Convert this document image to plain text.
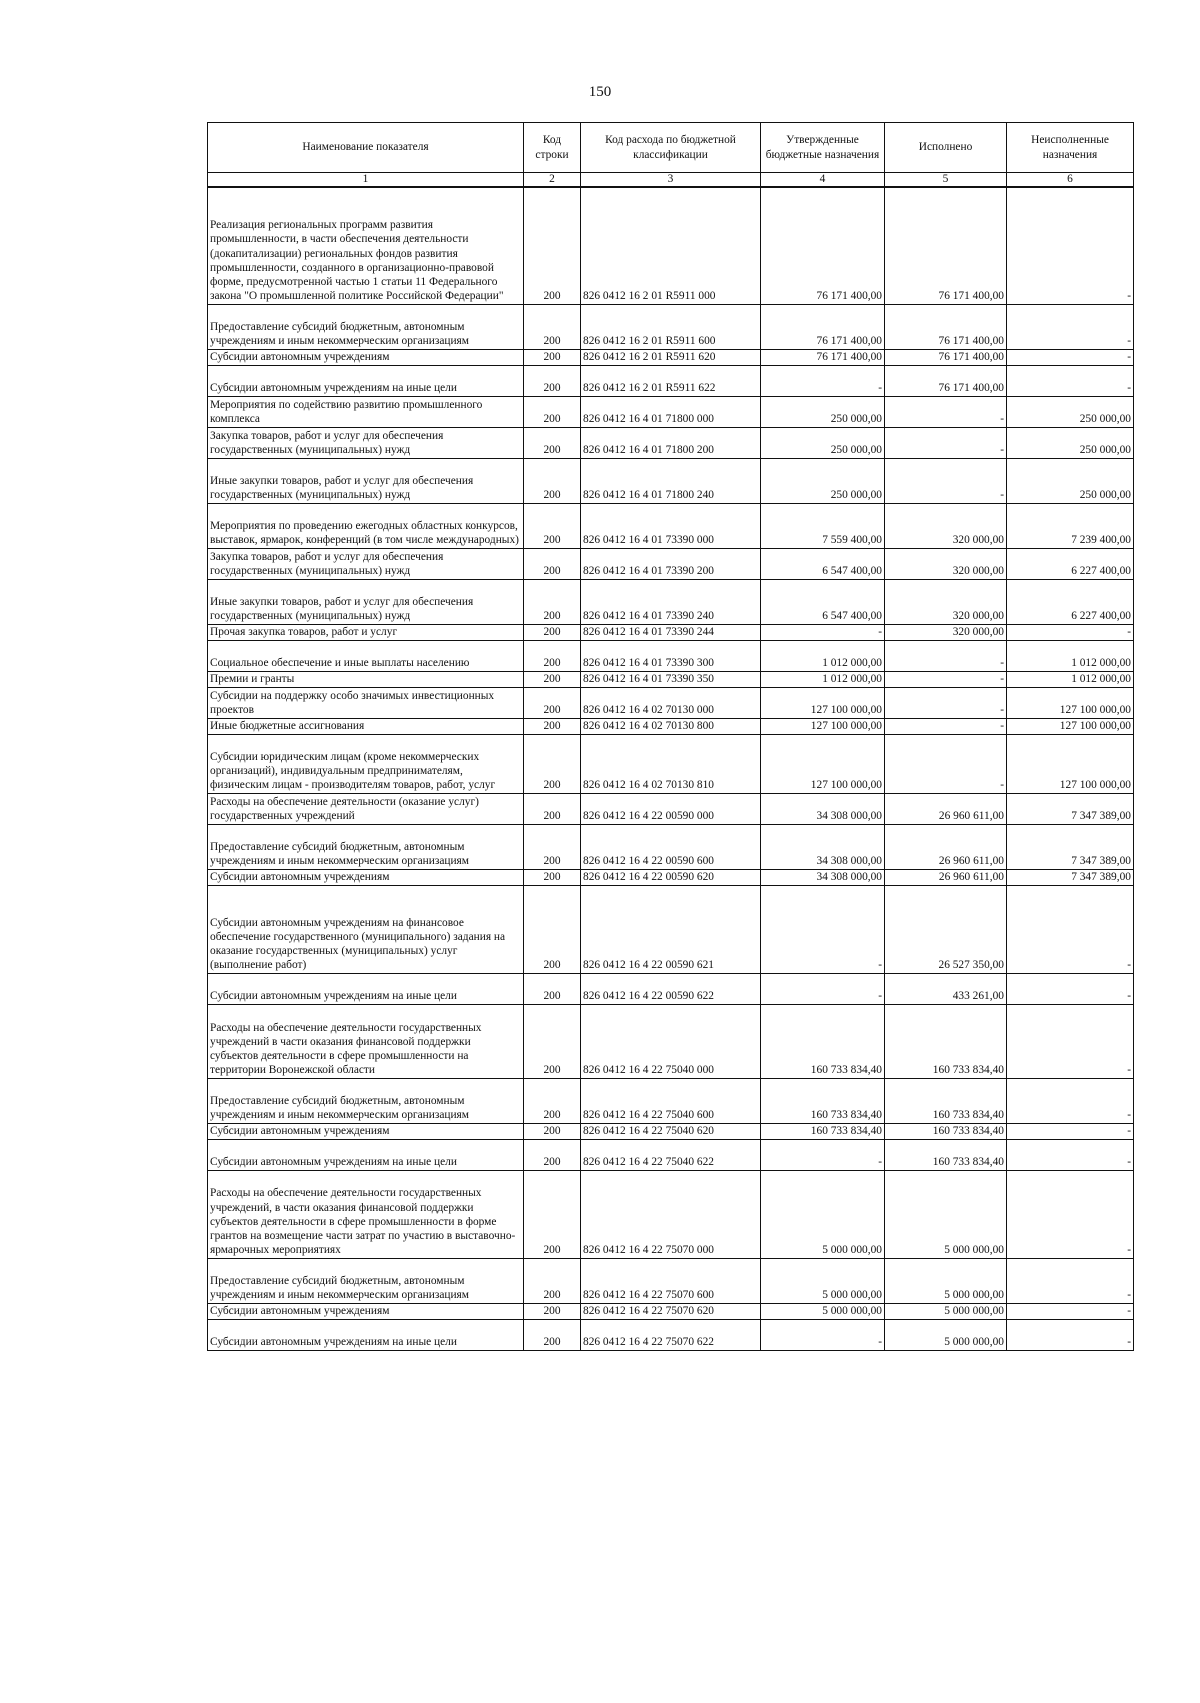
150
Наименование показателя	Код строки	Код расхода по бюджетной классификации	Утвержденные бюджетные назначения	Исполнено	Неисполненные назначения
1	2	3	4	5	6
Реализация региональных программ развития промышленности, в части обеспечения деятельности (докапитализации) региональных фондов развития промышленности, созданного в организационно-правовой форме, предусмотренной частью 1 статьи 11 Федерального закона "О промышленной политике Российской Федерации"	200	826 0412 16 2 01 R5911 000	76 171 400,00	76 171 400,00	-
Предоставление субсидий бюджетным, автономным учреждениям и иным некоммерческим организациям	200	826 0412 16 2 01 R5911 600	76 171 400,00	76 171 400,00	-
Субсидии автономным учреждениям	200	826 0412 16 2 01 R5911 620	76 171 400,00	76 171 400,00	-
Субсидии автономным учреждениям на иные цели	200	826 0412 16 2 01 R5911 622	-	76 171 400,00	-
Мероприятия по содействию развитию промышленного комплекса	200	826 0412 16 4 01 71800 000	250 000,00	-	250 000,00
Закупка товаров, работ и услуг для обеспечения государственных (муниципальных) нужд	200	826 0412 16 4 01 71800 200	250 000,00	-	250 000,00
Иные закупки товаров, работ и услуг для обеспечения государственных (муниципальных) нужд	200	826 0412 16 4 01 71800 240	250 000,00	-	250 000,00
Мероприятия по проведению ежегодных областных конкурсов, выставок, ярмарок, конференций (в том числе международных)	200	826 0412 16 4 01 73390 000	7 559 400,00	320 000,00	7 239 400,00
Закупка товаров, работ и услуг для обеспечения государственных (муниципальных) нужд	200	826 0412 16 4 01 73390 200	6 547 400,00	320 000,00	6 227 400,00
Иные закупки товаров, работ и услуг для обеспечения государственных (муниципальных) нужд	200	826 0412 16 4 01 73390 240	6 547 400,00	320 000,00	6 227 400,00
Прочая закупка товаров, работ и услуг	200	826 0412 16 4 01 73390 244	-	320 000,00	-
Социальное обеспечение и иные выплаты населению	200	826 0412 16 4 01 73390 300	1 012 000,00	-	1 012 000,00
Премии и гранты	200	826 0412 16 4 01 73390 350	1 012 000,00	-	1 012 000,00
Субсидии на поддержку особо значимых инвестиционных проектов	200	826 0412 16 4 02 70130 000	127 100 000,00	-	127 100 000,00
Иные бюджетные ассигнования	200	826 0412 16 4 02 70130 800	127 100 000,00	-	127 100 000,00
Субсидии юридическим лицам (кроме некоммерческих организаций), индивидуальным предпринимателям, физическим лицам - производителям товаров, работ, услуг	200	826 0412 16 4 02 70130 810	127 100 000,00	-	127 100 000,00
Расходы на обеспечение деятельности (оказание услуг) государственных учреждений	200	826 0412 16 4 22 00590 000	34 308 000,00	26 960 611,00	7 347 389,00
Предоставление субсидий бюджетным, автономным учреждениям и иным некоммерческим организациям	200	826 0412 16 4 22 00590 600	34 308 000,00	26 960 611,00	7 347 389,00
Субсидии автономным учреждениям	200	826 0412 16 4 22 00590 620	34 308 000,00	26 960 611,00	7 347 389,00
Субсидии автономным учреждениям на финансовое обеспечение государственного (муниципального) задания на оказание государственных (муниципальных) услуг (выполнение работ)	200	826 0412 16 4 22 00590 621	-	26 527 350,00	-
Субсидии автономным учреждениям на иные цели	200	826 0412 16 4 22 00590 622	-	433 261,00	-
Расходы на обеспечение деятельности государственных учреждений в части оказания финансовой поддержки субъектов деятельности в сфере промышленности на территории Воронежской области	200	826 0412 16 4 22 75040 000	160 733 834,40	160 733 834,40	-
Предоставление субсидий бюджетным, автономным учреждениям и иным некоммерческим организациям	200	826 0412 16 4 22 75040 600	160 733 834,40	160 733 834,40	-
Субсидии автономным учреждениям	200	826 0412 16 4 22 75040 620	160 733 834,40	160 733 834,40	-
Субсидии автономным учреждениям на иные цели	200	826 0412 16 4 22 75040 622	-	160 733 834,40	-
Расходы на обеспечение деятельности государственных учреждений, в части оказания финансовой поддержки субъектов деятельности в сфере промышленности в форме грантов на возмещение части затрат по участию в выставочно-ярмарочных мероприятиях	200	826 0412 16 4 22 75070 000	5 000 000,00	5 000 000,00	-
Предоставление субсидий бюджетным, автономным учреждениям и иным некоммерческим организациям	200	826 0412 16 4 22 75070 600	5 000 000,00	5 000 000,00	-
Субсидии автономным учреждениям	200	826 0412 16 4 22 75070 620	5 000 000,00	5 000 000,00	-
Субсидии автономным учреждениям на иные цели	200	826 0412 16 4 22 75070 622	-	5 000 000,00	-
